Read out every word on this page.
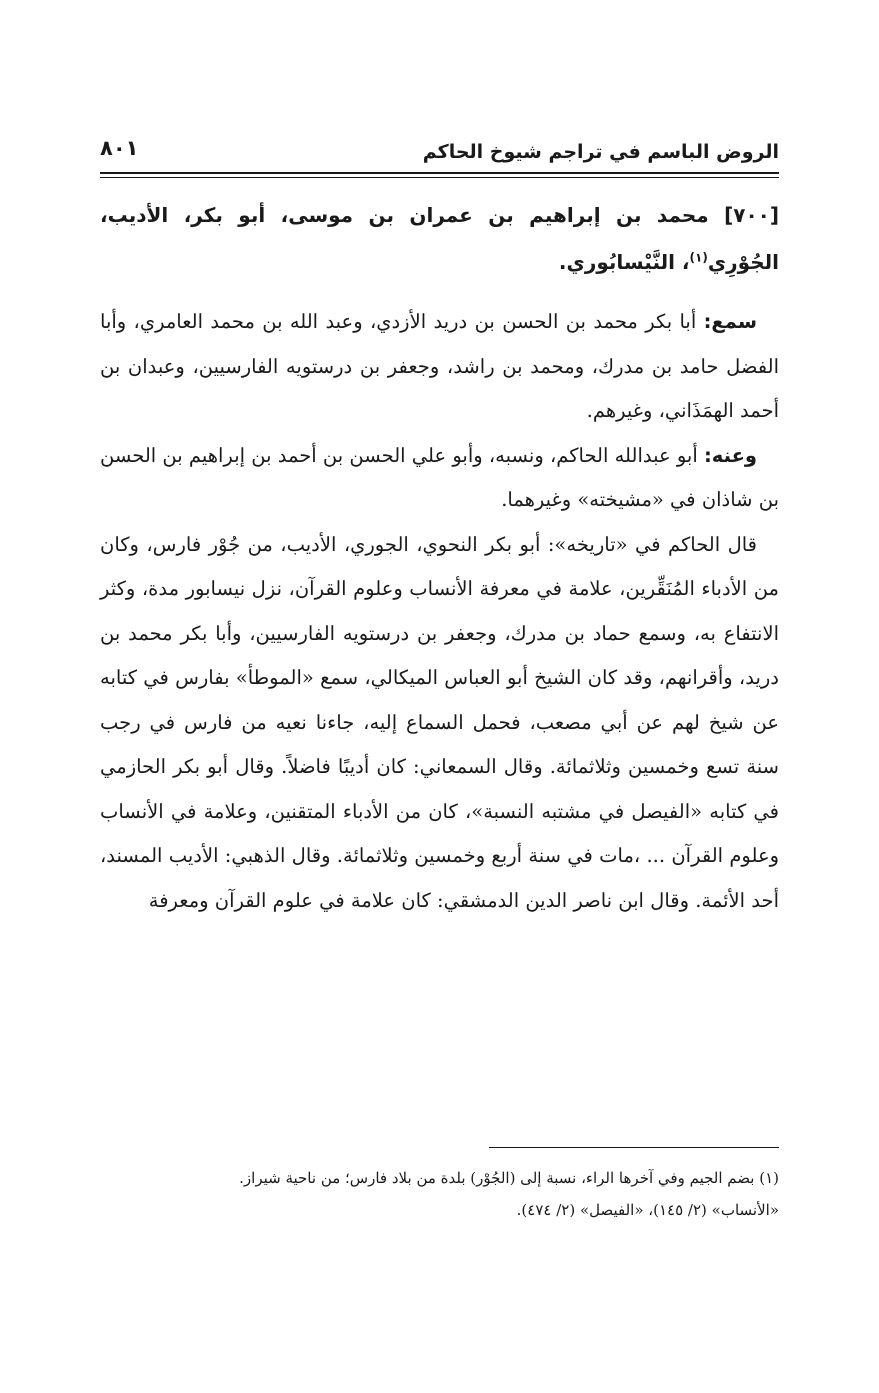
الروض الباسم في تراجم شيوخ الحاكم
٨٠١

[٧٠٠] محمد بن إبراهيم بن عمران بن موسى، أبو بكر، الأديب، الجُوْرِي$^{(١)}$، النَّيْسابُوري.

سمع: أبا بكر محمد بن الحسن بن دريد الأزدي، وعبد الله بن محمد العامري، وأبا الفضل حامد بن مدرك، ومحمد بن راشد، وجعفر بن درستويه الفارسيين، وعبدان بن أحمد الهمَذَاني، وغيرهم.

وعنه: أبو عبدالله الحاكم، ونسبه، وأبو علي الحسن بن أحمد بن إبراهيم بن الحسن بن شاذان في «مشيخته» وغيرهما.

قال الحاكم في «تاريخه»: أبو بكر النحوي، الجوري، الأديب، من جُوْر فارس، وكان من الأدباء المُنَقِّرين، علامة في معرفة الأنساب وعلوم القرآن، نزل نيسابور مدة، وكثر الانتفاع به، وسمع حماد بن مدرك، وجعفر بن درستويه الفارسيين، وأبا بكر محمد بن دريد، وأقرانهم، وقد كان الشيخ أبو العباس الميكالي، سمع «الموطأ» بفارس في كتابه عن شيخ لهم عن أبي مصعب، فحمل السماع إليه، جاءنا نعيه من فارس في رجب سنة تسع وخمسين وثلاثمائة. وقال السمعاني: كان أديبًا فاضلاً. وقال أبو بكر الحازمي في كتابه «الفيصل في مشتبه النسبة»، كان من الأدباء المتقنين، وعلامة في الأنساب وعلوم القرآن ... ،مات في سنة أربع وخمسين وثلاثمائة. وقال الذهبي: الأديب المسند، أحد الأئمة. وقال ابن ناصر الدين الدمشقي: كان علامة في علوم القرآن ومعرفة

(١) بضم الجيم وفي آخرها الراء، نسبة إلى (الجُوْر) بلدة من بلاد فارس؛ من ناحية شيراز.

«الأنساب» (٢/ ١٤٥)، «الفيصل» (٢/ ٤٧٤).
